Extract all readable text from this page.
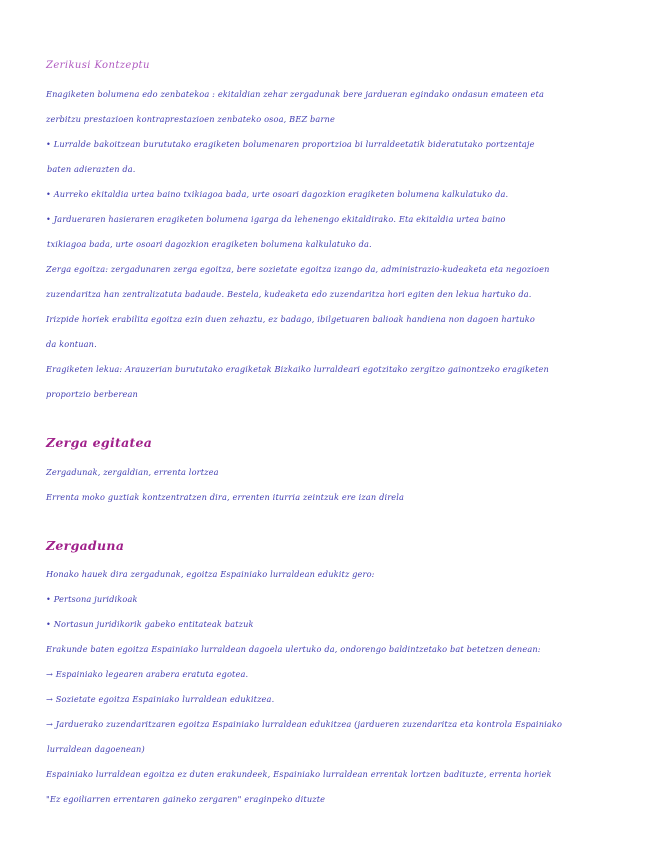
Zerikusi Kontzeptu
Enagiketen bolumena edo zenbatekoa : ekitaldian zehar zergadunak bere jardueran egindako ondasun emateen eta
zerbitzu prestazioen kontraprestazioen zenbateko osoa, BEZ barne
• Lurralde bakoitzean burututako eragiketen bolumenaren proportzioa bi lurraldeetatik bideratutako portzentaje
baten adierazten da.
• Aurreko ekitaldia urtea baino txikiagoa bada, urte osoari dagozkion eragiketen bolumena kalkulatuko da.
• Jardueraren hasieraren eragiketen bolumena igarga da lehenengo ekitaldirako. Eta ekitaldia urtea baino
txikiagoa bada, urte osoari dagozkion eragiketen bolumena kalkulatuko da.
Zerga egoitza: zergadunaren zerga egoitza, bere sozietate egoitza izango da, administrazio-kudeaketa eta negozioen
zuzendaritza han zentralizatuta badaude. Bestela, kudeaketa edo zuzendaritza hori egiten den lekua hartuko da.
Irizpide horiek erabilita egoitza ezin duen zehaztu, ez badago, ibilgetuaren balioak handiena non dagoen hartuko
da kontuan.
Eragiketen lekua: Arauzerian burututako eragiketak Bizkaiko lurraldeari egotzitako zergitzo gainontzeko eragiketen
proportzio berberean
Zerga egitatea
Zergadunak, zergaldian, errenta lortzea
Errenta moko guztiak kontzentratzen dira, errenten iturria zeintzuk ere izan direla
Zergaduna
Honako hauek dira zergadunak, egoitza Espainiako lurraldean edukitz gero:
• Pertsona juridikoak
• Nortasun juridikorik gabeko entitateak batzuk
Erakunde baten egoitza Espainiako lurraldean dagoela ulertuko da, ondorengo baldintzetako bat betetzen denean:
→ Espainiako legearen arabera eratuta egotea.
→ Sozietate egoitza Espainiako lurraldean edukitzea.
→ Jarduerako zuzendaritzaren egoitza Espainiako lurraldean edukitzea (jardueren zuzendaritza eta kontrola Espainiako
lurraldean dagoenean)
Espainiako lurraldean egoitza ez duten erakundeek, Espainiako lurraldean errentak lortzen badituzte, errenta horiek
"Ez egoiliarren errentaren gaineko zergaren" eraginpeko dituzte
